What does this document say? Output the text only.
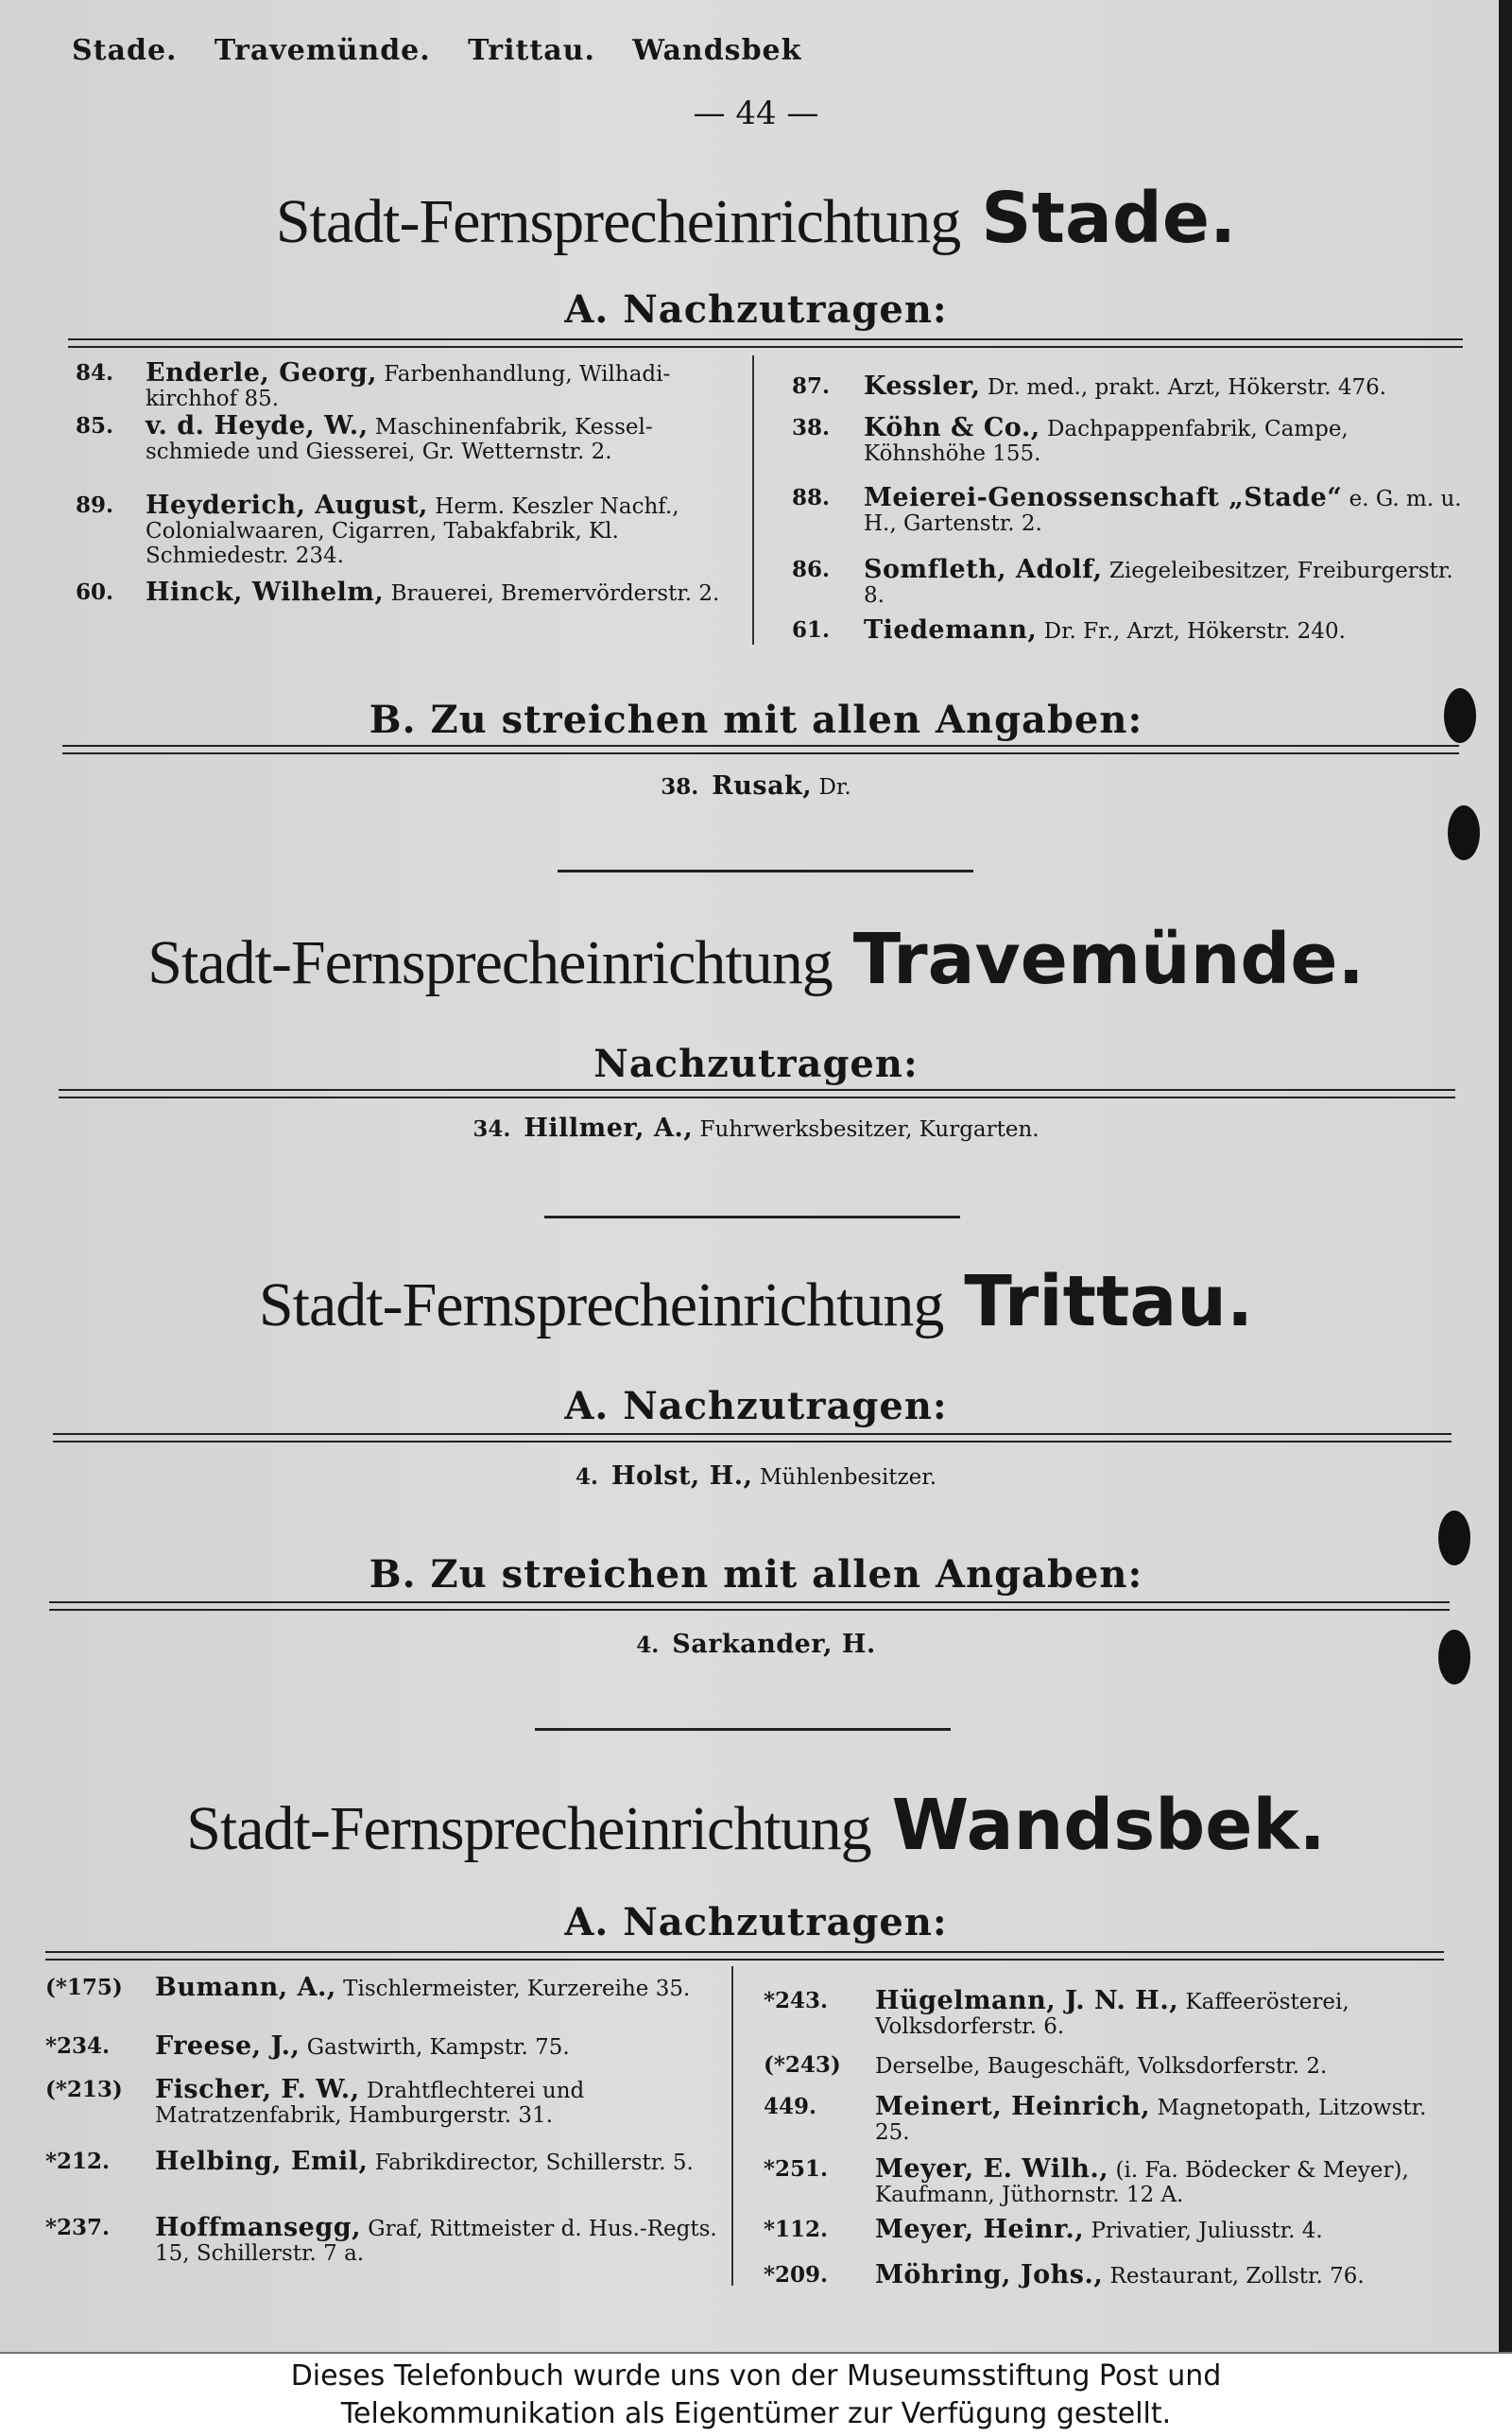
Stade. Travemünde. Trittau. Wandsbek
— 44 —
Stadt-Fernsprecheinrichtung Stade.
A. Nachzutragen:
84.	Enderle, Georg, Farbenhandlung, Wilhadikirchhof 85.
85.	v. d. Heyde, W., Maschinenfabrik, Kesselschmiede und Giesserei, Gr. Wetternstr. 2.
89.	Heyderich, August, Herm. Keszler Nachf., Colonialwaaren, Cigarren, Tabakfabrik, Kl. Schmiedestr. 234.
60.	Hinck, Wilhelm, Brauerei, Bremervörderstr. 2.
87.	Kessler, Dr. med., prakt. Arzt, Hökerstr. 476.
38.	Köhn & Co., Dachpappenfabrik, Campe, Köhnshöhe 155.
88.	Meierei-Genossenschaft „Stade“ e. G. m. u. H., Gartenstr. 2.
86.	Somfleth, Adolf, Ziegeleibesitzer, Freiburgerstr. 8.
61.	Tiedemann, Dr. Fr., Arzt, Hökerstr. 240.
B. Zu streichen mit allen Angaben:
38. Rusak, Dr.
Stadt-Fernsprecheinrichtung Travemünde.
Nachzutragen:
34. Hillmer, A., Fuhrwerksbesitzer, Kurgarten.
Stadt-Fernsprecheinrichtung Trittau.
A. Nachzutragen:
4. Holst, H., Mühlenbesitzer.
B. Zu streichen mit allen Angaben:
4. Sarkander, H.
Stadt-Fernsprecheinrichtung Wandsbek.
A. Nachzutragen:
(*175)	Bumann, A., Tischlermeister, Kurzereihe 35.
*234.	Freese, J., Gastwirth, Kampstr. 75.
(*213)	Fischer, F. W., Drahtflechterei und Matratzenfabrik, Hamburgerstr. 31.
*212.	Helbing, Emil, Fabrikdirector, Schillerstr. 5.
*237.	Hoffmansegg, Graf, Rittmeister d. Hus.-Regts. 15, Schillerstr. 7 a.
*243.	Hügelmann, J. N. H., Kaffeerösterei, Volksdorferstr. 6.
(*243)	Derselbe, Baugeschäft, Volksdorferstr. 2.
449.	Meinert, Heinrich, Magnetopath, Litzowstr. 25.
*251.	Meyer, E. Wilh., (i. Fa. Bödecker & Meyer), Kaufmann, Jüthornstr. 12 A.
*112.	Meyer, Heinr., Privatier, Juliusstr. 4.
*209.	Möhring, Johs., Restaurant, Zollstr. 76.
Dieses Telefonbuch wurde uns von der Museumsstiftung Post und
Telekommunikation als Eigentümer zur Verfügung gestellt.
